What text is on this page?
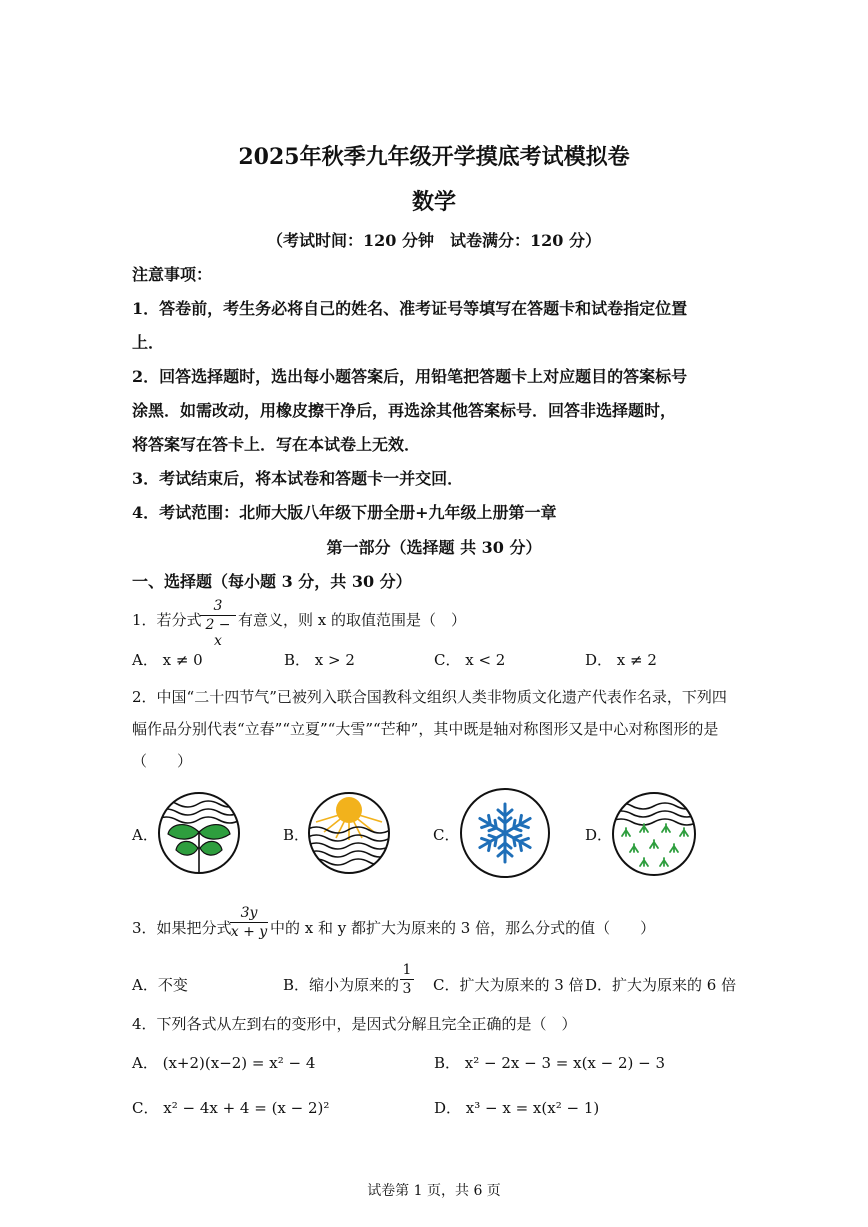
2025年秋季九年级开学摸底考试模拟卷
数学
（考试时间：120 分钟　试卷满分：120 分）
注意事项：
1．答卷前，考生务必将自己的姓名、准考证号等填写在答题卡和试卷指定位置
上．
2．回答选择题时，选出每小题答案后，用铅笔把答题卡上对应题目的答案标号
涂黑．如需改动，用橡皮擦干净后，再选涂其他答案标号．回答非选择题时，
将答案写在答卡上．写在本试卷上无效．
3．考试结束后，将本试卷和答题卡一并交回．
4．考试范围：北师大版八年级下册全册+九年级上册第一章
第一部分（选择题 共 30 分）
一、选择题（每小题 3 分，共 30 分）
1．若分式
3
2 − x
有意义，则 x 的取值范围是（　）
A． x ≠ 0	B． x > 2	C． x < 2	D． x ≠ 2
2．中国“二十四节气”已被列入联合国教科文组织人类非物质文化遗产代表作名录，下列四
幅作品分别代表“立春”“立夏”“大雪”“芒种”，其中既是轴对称图形又是中心对称图形的是
（　　）
A．	B．	C．	D．
3．如果把分式
3y
x + y 中的 x 和 y 都扩大为原来的 3 倍，那么分式的值（　　）
A．不变	B．缩小为原来的
1
3 C．扩大为原来的 3 倍 D．扩大为原来的 6 倍
4．下列各式从左到右的变形中，是因式分解且完全正确的是（　）
A． (x+2)(x−2) = x² − 4	B． x² − 2x − 3 = x(x − 2) − 3
C． x² − 4x + 4 = (x − 2)²	D． x³ − x = x(x² − 1)
试卷第 1 页，共 6 页
